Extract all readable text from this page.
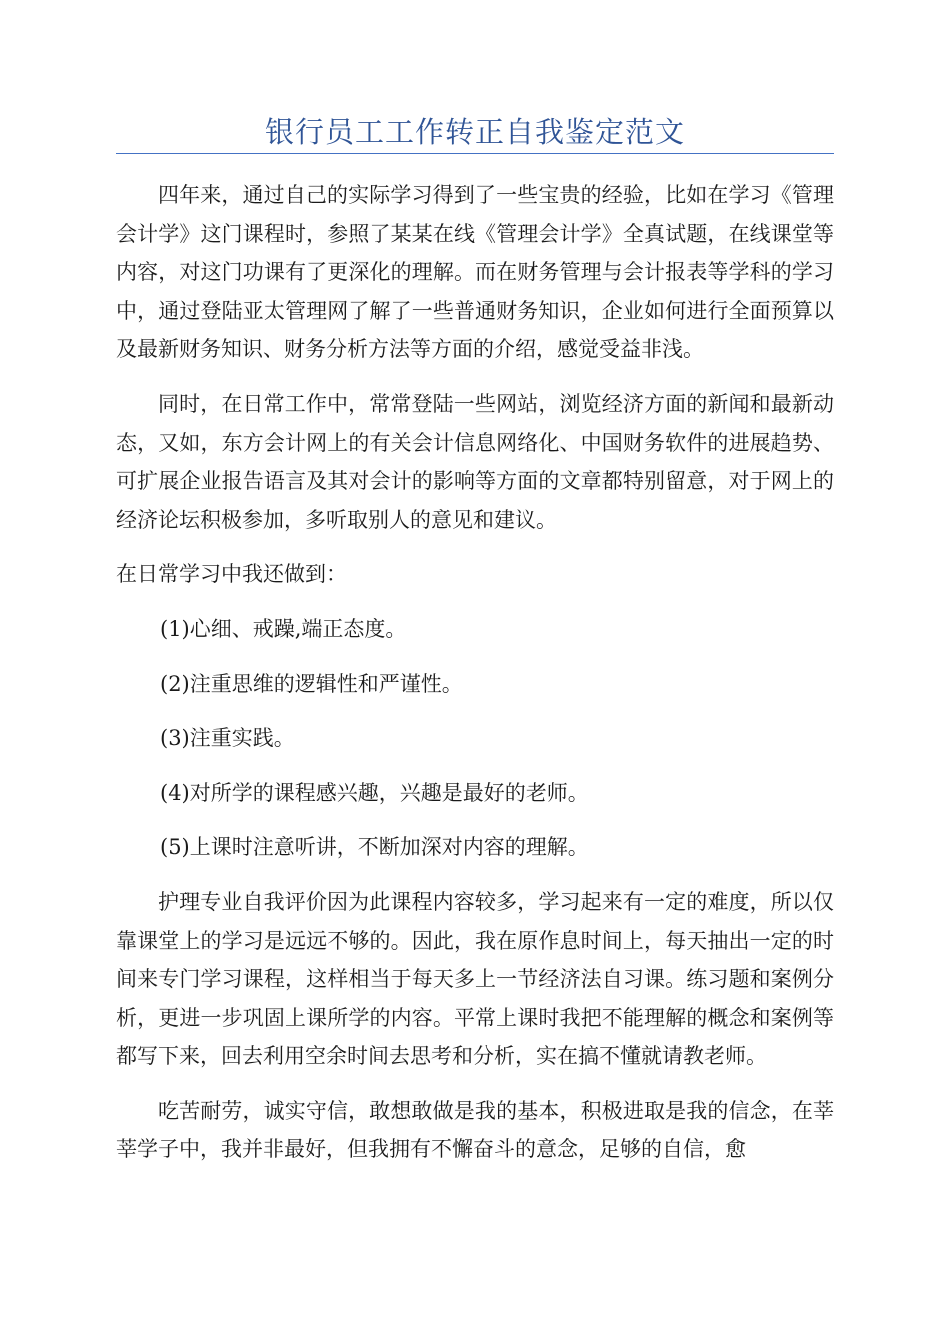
银行员工工作转正自我鉴定范文

四年来，通过自己的实际学习得到了一些宝贵的经验，比如在学习《管理会计学》这门课程时，参照了某某在线《管理会计学》全真试题，在线课堂等内容，对这门功课有了更深化的理解。而在财务管理与会计报表等学科的学习中，通过登陆亚太管理网了解了一些普通财务知识，企业如何进行全面预算以及最新财务知识、财务分析方法等方面的介绍，感觉受益非浅。

同时，在日常工作中，常常登陆一些网站，浏览经济方面的新闻和最新动态，又如，东方会计网上的有关会计信息网络化、中国财务软件的进展趋势、可扩展企业报告语言及其对会计的影响等方面的文章都特别留意，对于网上的经济论坛积极参加，多听取别人的意见和建议。

在日常学习中我还做到：

(1)心细、戒躁,端正态度。

(2)注重思维的逻辑性和严谨性。

(3)注重实践。

(4)对所学的课程感兴趣，兴趣是最好的老师。

(5)上课时注意听讲，不断加深对内容的理解。

护理专业自我评价因为此课程内容较多，学习起来有一定的难度，所以仅靠课堂上的学习是远远不够的。因此，我在原作息时间上，每天抽出一定的时间来专门学习课程，这样相当于每天多上一节经济法自习课。练习题和案例分析，更进一步巩固上课所学的内容。平常上课时我把不能理解的概念和案例等都写下来，回去利用空余时间去思考和分析，实在搞不懂就请教老师。

吃苦耐劳，诚实守信，敢想敢做是我的基本，积极进取是我的信念，在莘莘学子中，我并非最好，但我拥有不懈奋斗的意念，足够的自信，愈
